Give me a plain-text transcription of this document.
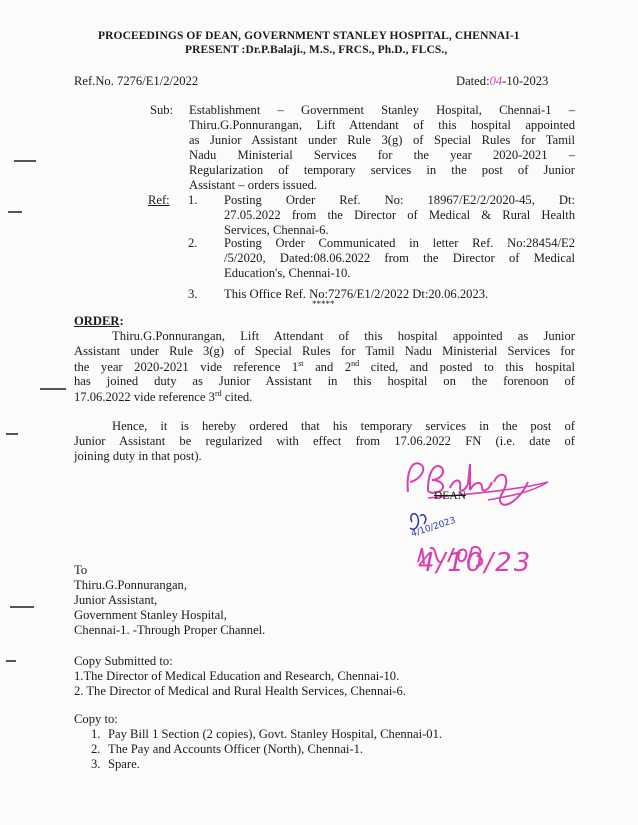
PROCEEDINGS OF DEAN, GOVERNMENT STANLEY HOSPITAL, CHENNAI-1
PRESENT :Dr.P.Balaji., M.S., FRCS., Ph.D., FLCS.,
Ref.No. 7276/E1/2/2022	Dated:04-10-2023
Sub: Establishment – Government Stanley Hospital, Chennai-1 –
Thiru.G.Ponnurangan, Lift Attendant of this hospital appointed
as Junior Assistant under Rule 3(g) of Special Rules for Tamil
Nadu Ministerial Services for the year 2020-2021 –
Regularization of temporary services in the post of Junior
Assistant – orders issued.
Ref: 1. Posting Order Ref. No: 18967/E2/2/2020-45, Dt:
27.05.2022 from the Director of Medical & Rural Health
Services, Chennai-6.
2. Posting Order Communicated in letter Ref. No:28454/E2
/5/2020, Dated:08.06.2022 from the Director of Medical
Education's, Chennai-10.
3. This Office Ref. No:7276/E1/2/2022 Dt:20.06.2023.
*****
ORDER:
Thiru.G.Ponnurangan, Lift Attendant of this hospital appointed as Junior
Assistant under Rule 3(g) of Special Rules for Tamil Nadu Ministerial Services for
the year 2020-2021 vide reference 1st and 2nd cited, and posted to this hospital
has joined duty as Junior Assistant in this hospital on the forenoon of
17.06.2022 vide reference 3rd cited.
Hence, it is hereby ordered that his temporary services in the post of
Junior Assistant be regularized with effect from 17.06.2022 FN (i.e. date of
joining duty in that post).
DEAN
4/10/2023
4/10/23
To
Thiru.G.Ponnurangan,
Junior Assistant,
Government Stanley Hospital,
Chennai-1. -Through Proper Channel.
Copy Submitted to:
1.The Director of Medical Education and Research, Chennai-10.
2. The Director of Medical and Rural Health Services, Chennai-6.
Copy to:
1. Pay Bill 1 Section (2 copies), Govt. Stanley Hospital, Chennai-01.
2. The Pay and Accounts Officer (North), Chennai-1.
3. Spare.
